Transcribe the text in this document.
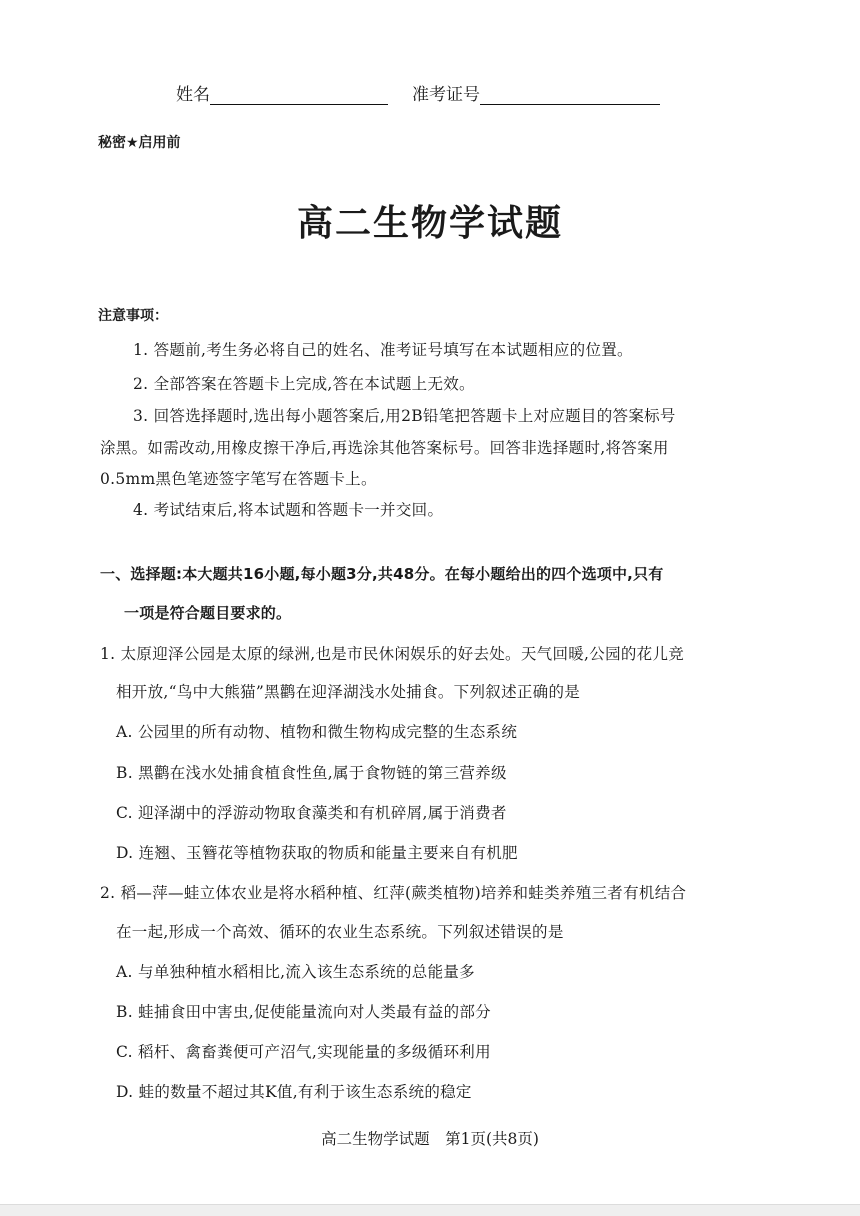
姓名	准考证号
秘密★启用前
高二生物学试题
注意事项：
1. 答题前,考生务必将自己的姓名、准考证号填写在本试题相应的位置。
2. 全部答案在答题卡上完成,答在本试题上无效。
3. 回答选择题时,选出每小题答案后,用2B铅笔把答题卡上对应题目的答案标号
涂黑。如需改动,用橡皮擦干净后,再选涂其他答案标号。回答非选择题时,将答案用
0.5mm黑色笔迹签字笔写在答题卡上。
4. 考试结束后,将本试题和答题卡一并交回。
一、选择题:本大题共16小题,每小题3分,共48分。在每小题给出的四个选项中,只有
一项是符合题目要求的。
1. 太原迎泽公园是太原的绿洲,也是市民休闲娱乐的好去处。天气回暖,公园的花儿竞
相开放,“鸟中大熊猫”黑鹳在迎泽湖浅水处捕食。下列叙述正确的是
A. 公园里的所有动物、植物和微生物构成完整的生态系统
B. 黑鹳在浅水处捕食植食性鱼,属于食物链的第三营养级
C. 迎泽湖中的浮游动物取食藻类和有机碎屑,属于消费者
D. 连翘、玉簪花等植物获取的物质和能量主要来自有机肥
2. 稻—萍—蛙立体农业是将水稻种植、红萍(蕨类植物)培养和蛙类养殖三者有机结合
在一起,形成一个高效、循环的农业生态系统。下列叙述错误的是
A. 与单独种植水稻相比,流入该生态系统的总能量多
B. 蛙捕食田中害虫,促使能量流向对人类最有益的部分
C. 稻杆、禽畜粪便可产沼气,实现能量的多级循环利用
D. 蛙的数量不超过其K值,有利于该生态系统的稳定
高二生物学试题　第1页(共8页)
